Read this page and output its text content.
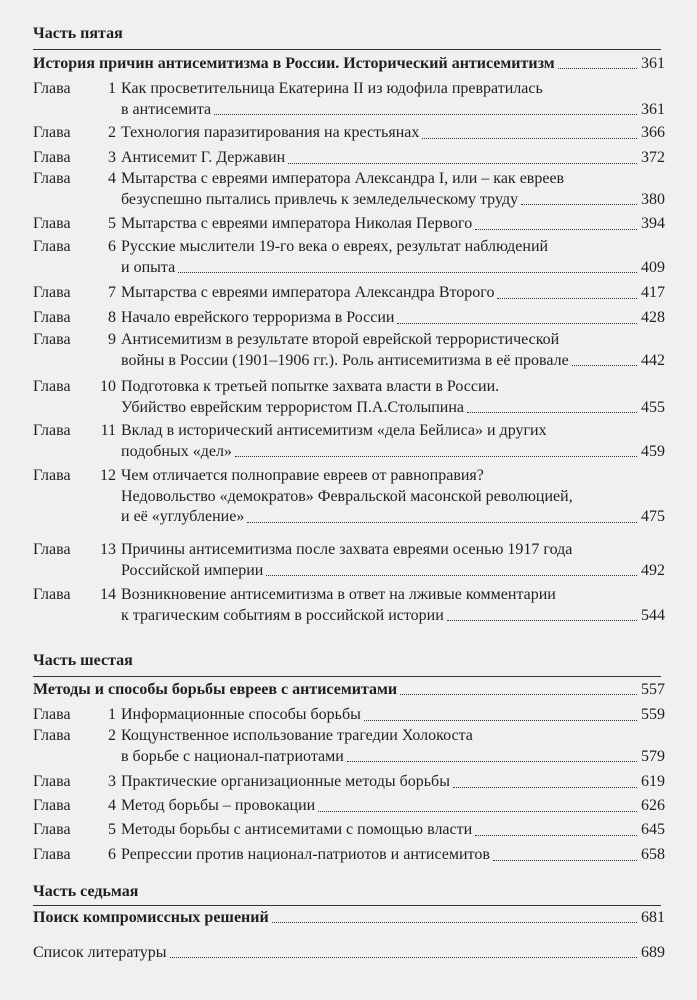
Часть пятая
История причин антисемитизма в России. Исторический антисемитизм	361
Глава	1 Как просветительница Екатерина II из юдофила превратилась
в антисемита	361
Глава	2 Технология паразитирования на крестьянах	366
Глава	3 Антисемит Г. Державин	372
Глава	4 Мытарства с евреями императора Александра I, или – как евреев
безуспешно пытались привлечь к земледельческому труду	380
Глава	5 Мытарства с евреями императора Николая Первого	394
Глава	6 Русские мыслители 19-го века о евреях, результат наблюдений
и опыта	409
Глава	7 Мытарства с евреями императора Александра Второго	417
Глава	8 Начало еврейского терроризма в России	428
Глава	9 Антисемитизм в результате второй еврейской террористической
войны в России (1901–1906 гг.). Роль антисемитизма в её провале	442
Глава	10 Подготовка к третьей попытке захвата власти в России.
Убийство еврейским террористом П.А.Столыпина	455
Глава	11 Вклад в исторический антисемитизм «дела Бейлиса» и других
подобных «дел»	459
Глава	12 Чем отличается полноправие евреев от равноправия?
Недовольство «демократов» Февральской масонской революцией,
и её «углубление»	475
Глава	13 Причины антисемитизма после захвата евреями осенью 1917 года
Российской империи	492
Глава	14 Возникновение антисемитизма в ответ на лживые комментарии
к трагическим событиям в российской истории	544
Часть шестая
Методы и способы борьбы евреев с антисемитами	557
Глава	1 Информационные способы борьбы	559
Глава	2 Кощунственное использование трагедии Холокоста
в борьбе с национал-патриотами	579
Глава	3 Практические организационные методы борьбы	619
Глава	4 Метод борьбы – провокации	626
Глава	5 Методы борьбы с антисемитами с помощью власти	645
Глава	6 Репрессии против национал-патриотов и антисемитов	658
Часть седьмая
Поиск компромиссных решений	681
Список литературы	689
